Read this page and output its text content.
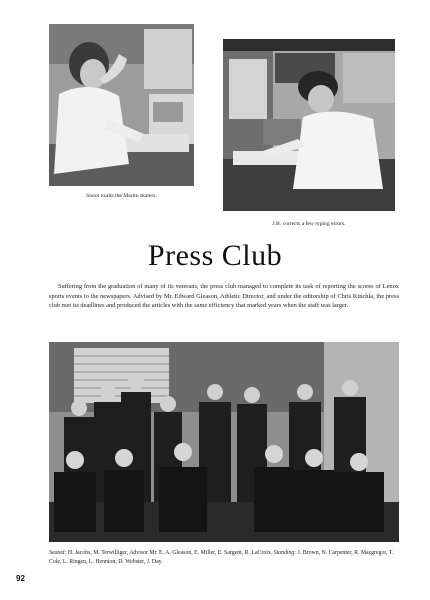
Snoot exalts the Martin skaters.
J.B. corrects a few typing errors.
Press Club

Suffering from the graduation of many of its veterans, the press club managed to complete its task of reporting the scores of Lenox sports events to the newspapers. Advised by Mr. Edward Gleason, Athletic Director, and under the editorship of Chris Kinchla, the press club met its deadlines and produced the articles with the same efficiency that marked years when the staff was larger.

Seated: H. Jacobs, M. Terwilliger, Advisor Mr. E. A. Gleason, E. Miller, E. Sargent, R. LaCroix. Standing: J. Brown, N. Carpenter, R. Macgregor, T. Cole, L. Ringen, L. Hennion, D. Webster, J. Day.

92
